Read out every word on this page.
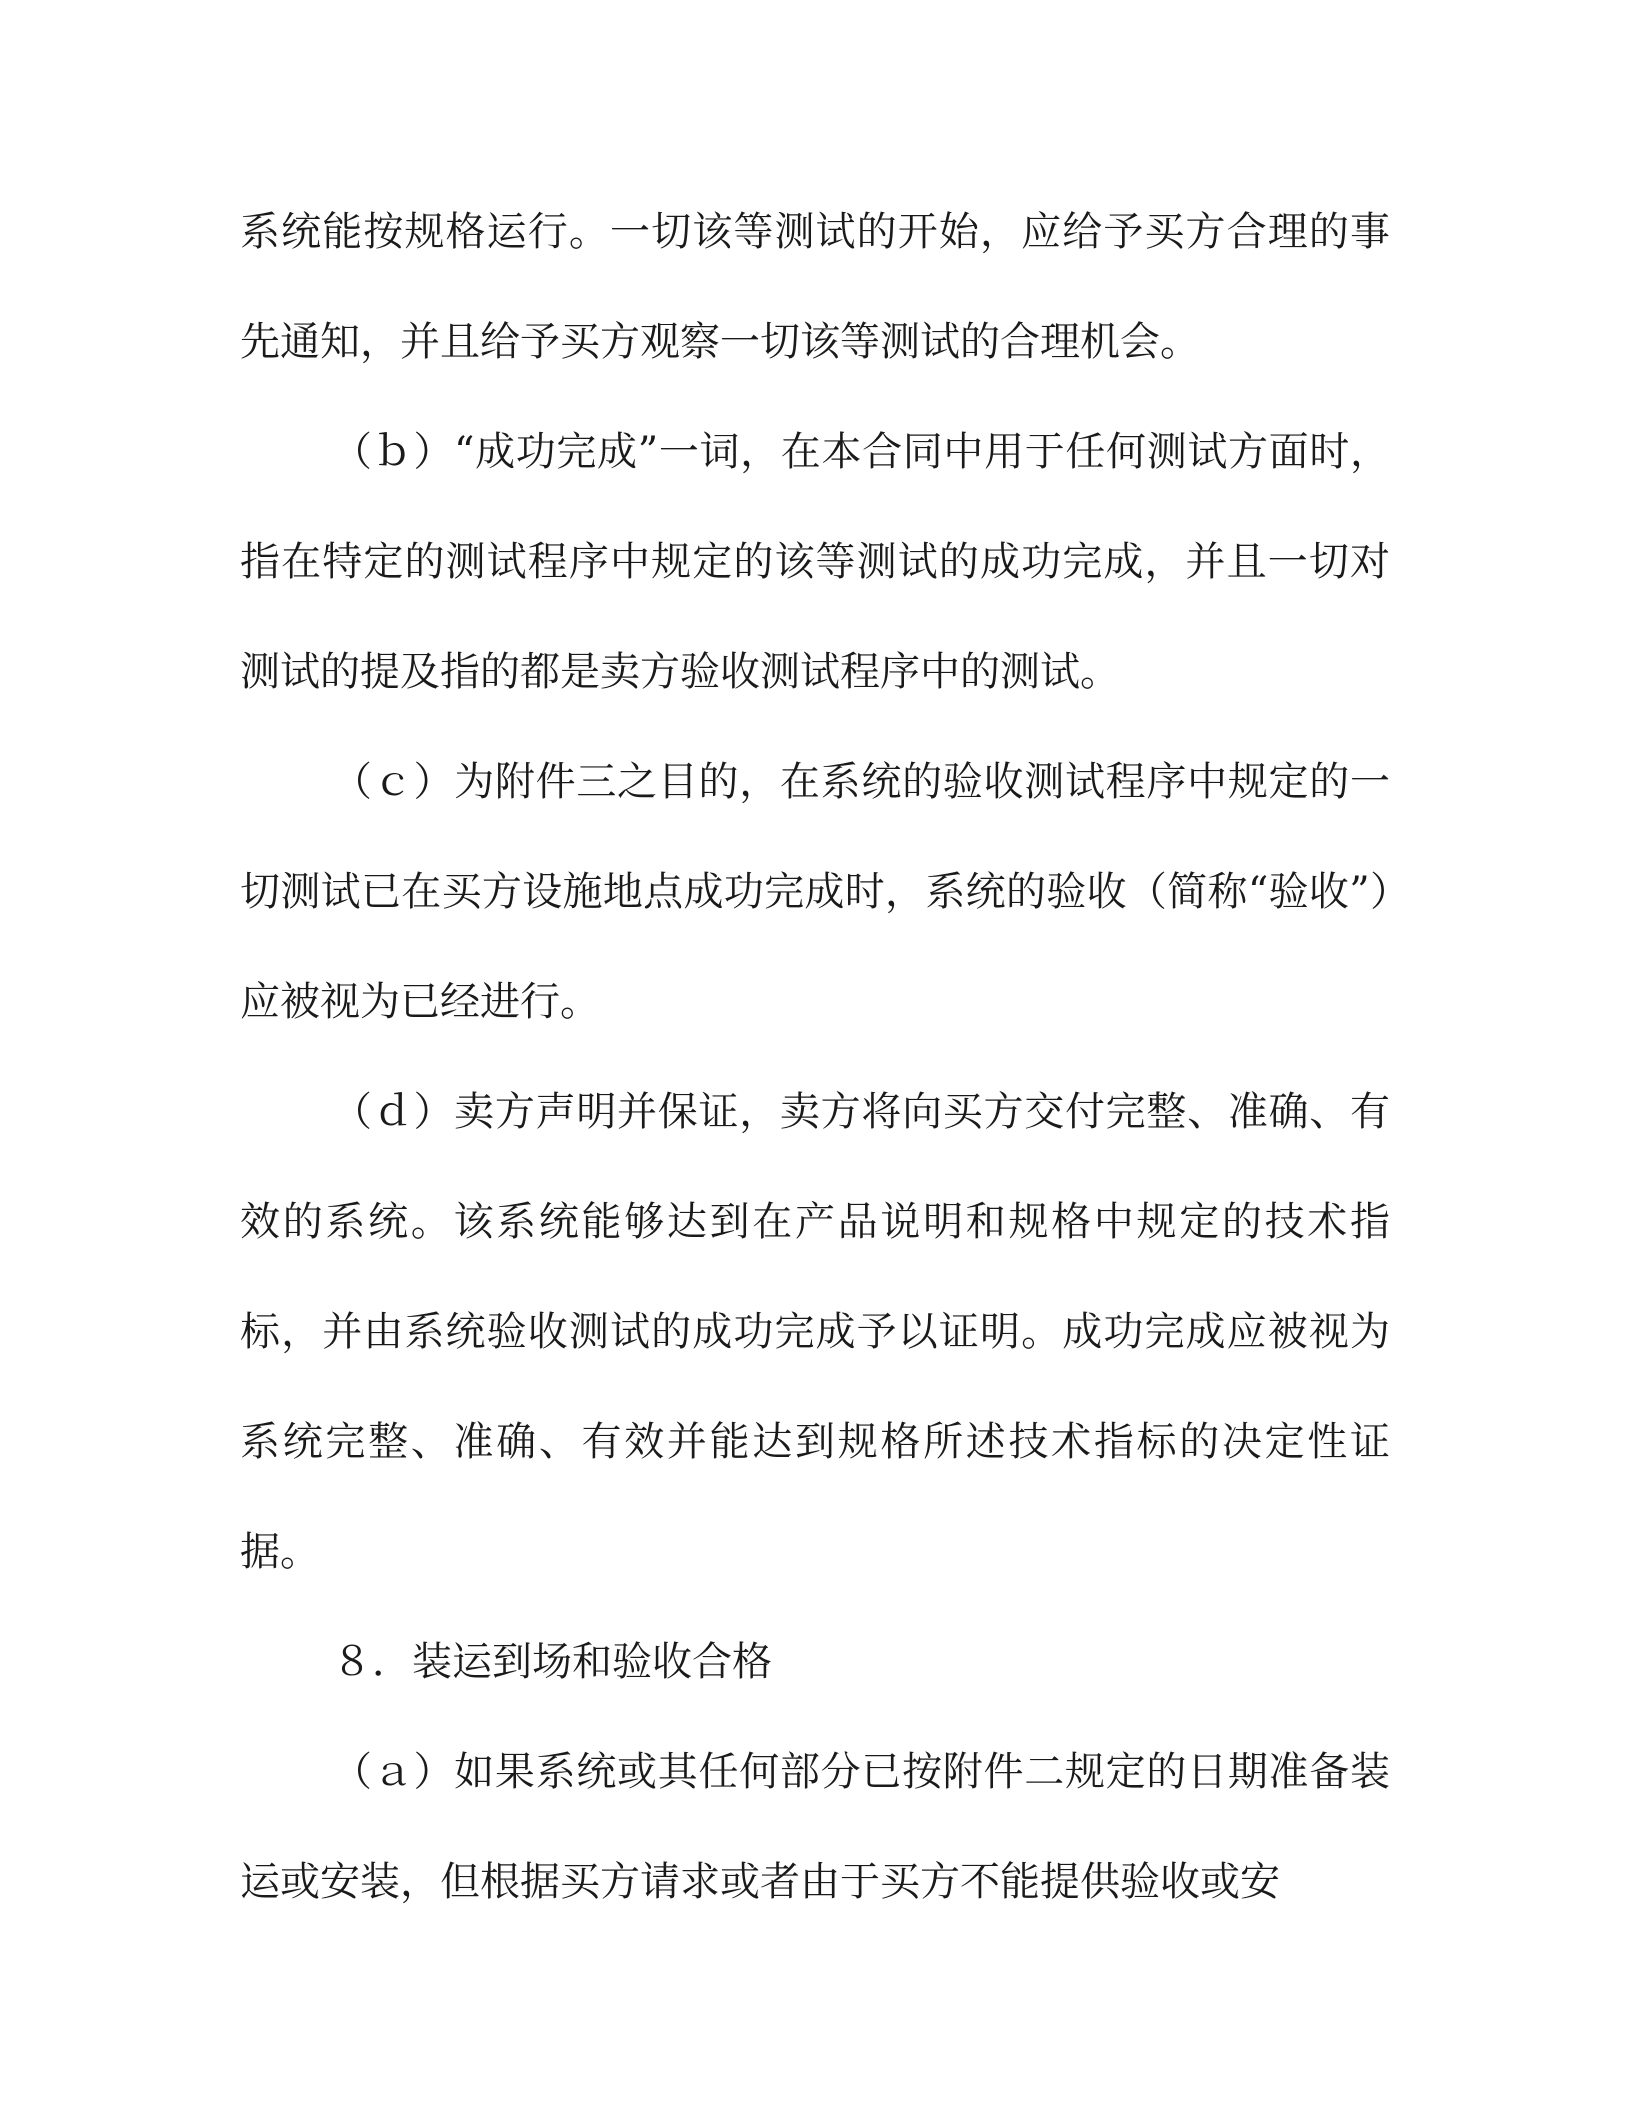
系统能按规格运行。一切该等测试的开始，应给予买方合理的事先通知，并且给予买方观察一切该等测试的合理机会。

（ｂ）“成功完成”一词，在本合同中用于任何测试方面时，指在特定的测试程序中规定的该等测试的成功完成，并且一切对测试的提及指的都是卖方验收测试程序中的测试。

（ｃ）为附件三之目的，在系统的验收测试程序中规定的一切测试已在买方设施地点成功完成时，系统的验收（简称“验收”）应被视为已经进行。

（ｄ）卖方声明并保证，卖方将向买方交付完整、准确、有效的系统。该系统能够达到在产品说明和规格中规定的技术指标，并由系统验收测试的成功完成予以证明。成功完成应被视为系统完整、准确、有效并能达到规格所述技术指标的决定性证据。

８．装运到场和验收合格

（ａ）如果系统或其任何部分已按附件二规定的日期准备装运或安装，但根据买方请求或者由于买方不能提供验收或安
